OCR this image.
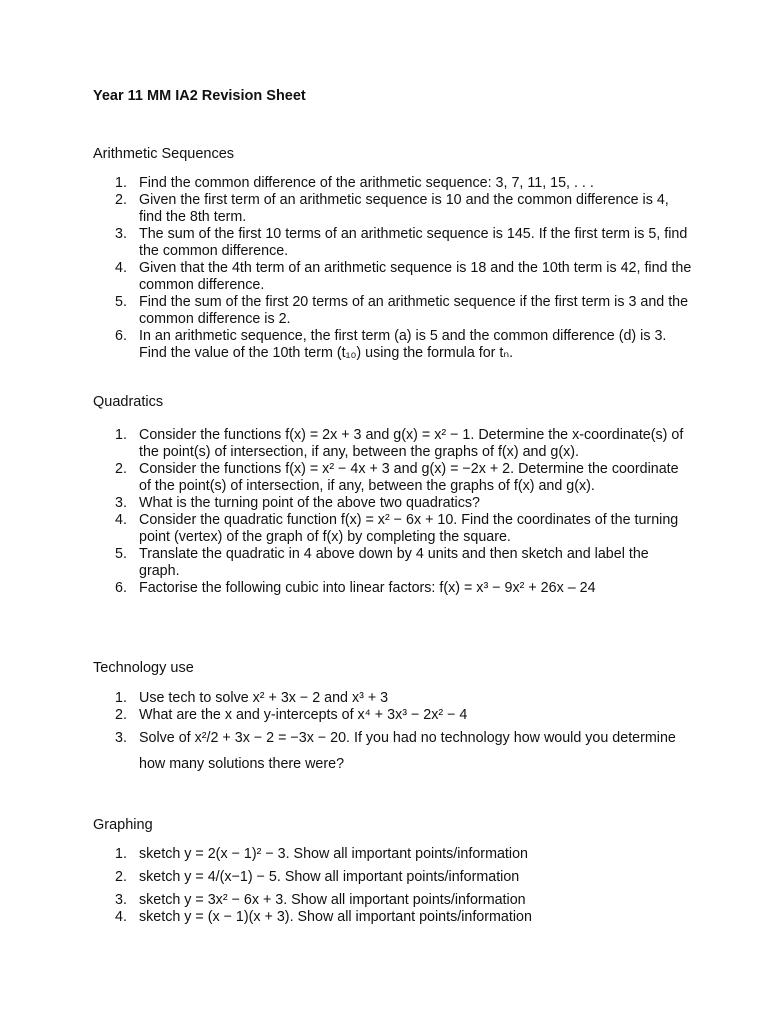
Year 11 MM IA2 Revision Sheet
Arithmetic Sequences
1. Find the common difference of the arithmetic sequence: 3, 7, 11, 15, . . .
2. Given the first term of an arithmetic sequence is 10 and the common difference is 4, find the 8th term.
3. The sum of the first 10 terms of an arithmetic sequence is 145. If the first term is 5, find the common difference.
4. Given that the 4th term of an arithmetic sequence is 18 and the 10th term is 42, find the common difference.
5. Find the sum of the first 20 terms of an arithmetic sequence if the first term is 3 and the common difference is 2.
6. In an arithmetic sequence, the first term (a) is 5 and the common difference (d) is 3. Find the value of the 10th term (t₁₀) using the formula for tₙ.
Quadratics
1. Consider the functions f(x) = 2x + 3 and g(x) = x² − 1. Determine the x-coordinate(s) of the point(s) of intersection, if any, between the graphs of f(x) and g(x).
2. Consider the functions f(x) = x² − 4x + 3 and g(x) = −2x + 2. Determine the coordinate of the point(s) of intersection, if any, between the graphs of f(x) and g(x).
3. What is the turning point of the above two quadratics?
4. Consider the quadratic function f(x) = x² − 6x + 10. Find the coordinates of the turning point (vertex) of the graph of f(x) by completing the square.
5. Translate the quadratic in 4 above down by 4 units and then sketch and label the graph.
6. Factorise the following cubic into linear factors: f(x) = x³ − 9x² + 26x – 24
Technology use
1. Use tech to solve x² + 3x − 2 and x³ + 3
2. What are the x and y-intercepts of x⁴ + 3x³ − 2x² − 4
3. Solve of x²/2 + 3x − 2 = −3x − 20. If you had no technology how would you determine how many solutions there were?
Graphing
1. sketch y = 2(x − 1)² − 3. Show all important points/information
2. sketch y = 4/(x−1) − 5. Show all important points/information
3. sketch y = 3x² − 6x + 3. Show all important points/information
4. sketch y = (x − 1)(x + 3). Show all important points/information
